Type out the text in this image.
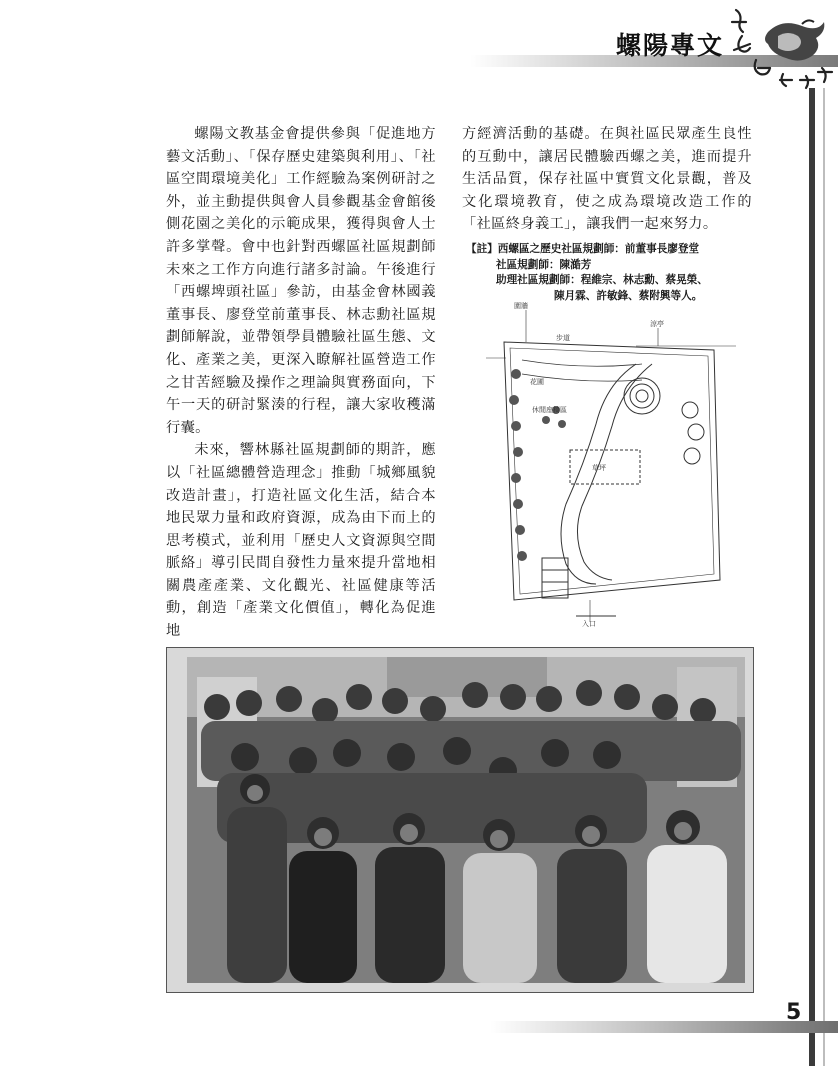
螺陽專文

螺陽文教基金會提供參與「促進地方藝文活動」、「保存歷史建築與利用」、「社區空間環境美化」工作經驗為案例研討之外，並主動提供與會人員參觀基金會館後側花園之美化的示範成果，獲得與會人士許多掌聲。會中也針對西螺區社區規劃師未來之工作方向進行諸多討論。午後進行「西螺埤頭社區」參訪，由基金會林國義董事長、廖登堂前董事長、林志勳社區規劃師解說，並帶領學員體驗社區生態、文化、產業之美，更深入瞭解社區營造工作之甘苦經驗及操作之理論與實務面向，下午一天的研討緊湊的行程，讓大家收穫滿行囊。

未來，響林縣社區規劃師的期許，應以「社區總體營造理念」推動「城鄉風貌改造計畫」，打造社區文化生活，結合本地民眾力量和政府資源，成為由下而上的思考模式，並利用「歷史人文資源與空間脈絡」導引民間自發性力量來提升當地相關農產產業、文化觀光、社區健康等活動，創造「產業文化價值」，轉化為促進地

方經濟活動的基礎。在與社區民眾產生良性的互動中，讓居民體驗西螺之美，進而提升生活品質，保存社區中實質文化景觀，普及文化環境教育，使之成為環境改造工作的「社區終身義工」，讓我們一起來努力。

【註】西螺區之歷史社區規劃師：前董事長廖登堂
社區規劃師：陳澔芳
助理社區規劃師：程維宗、林志勳、蔡晃榮、
陳月霖、許敏鋒、蔡附興等人。
圍牆
步道
涼亭
花圃
休閒座椅區
草坪
入口
5
